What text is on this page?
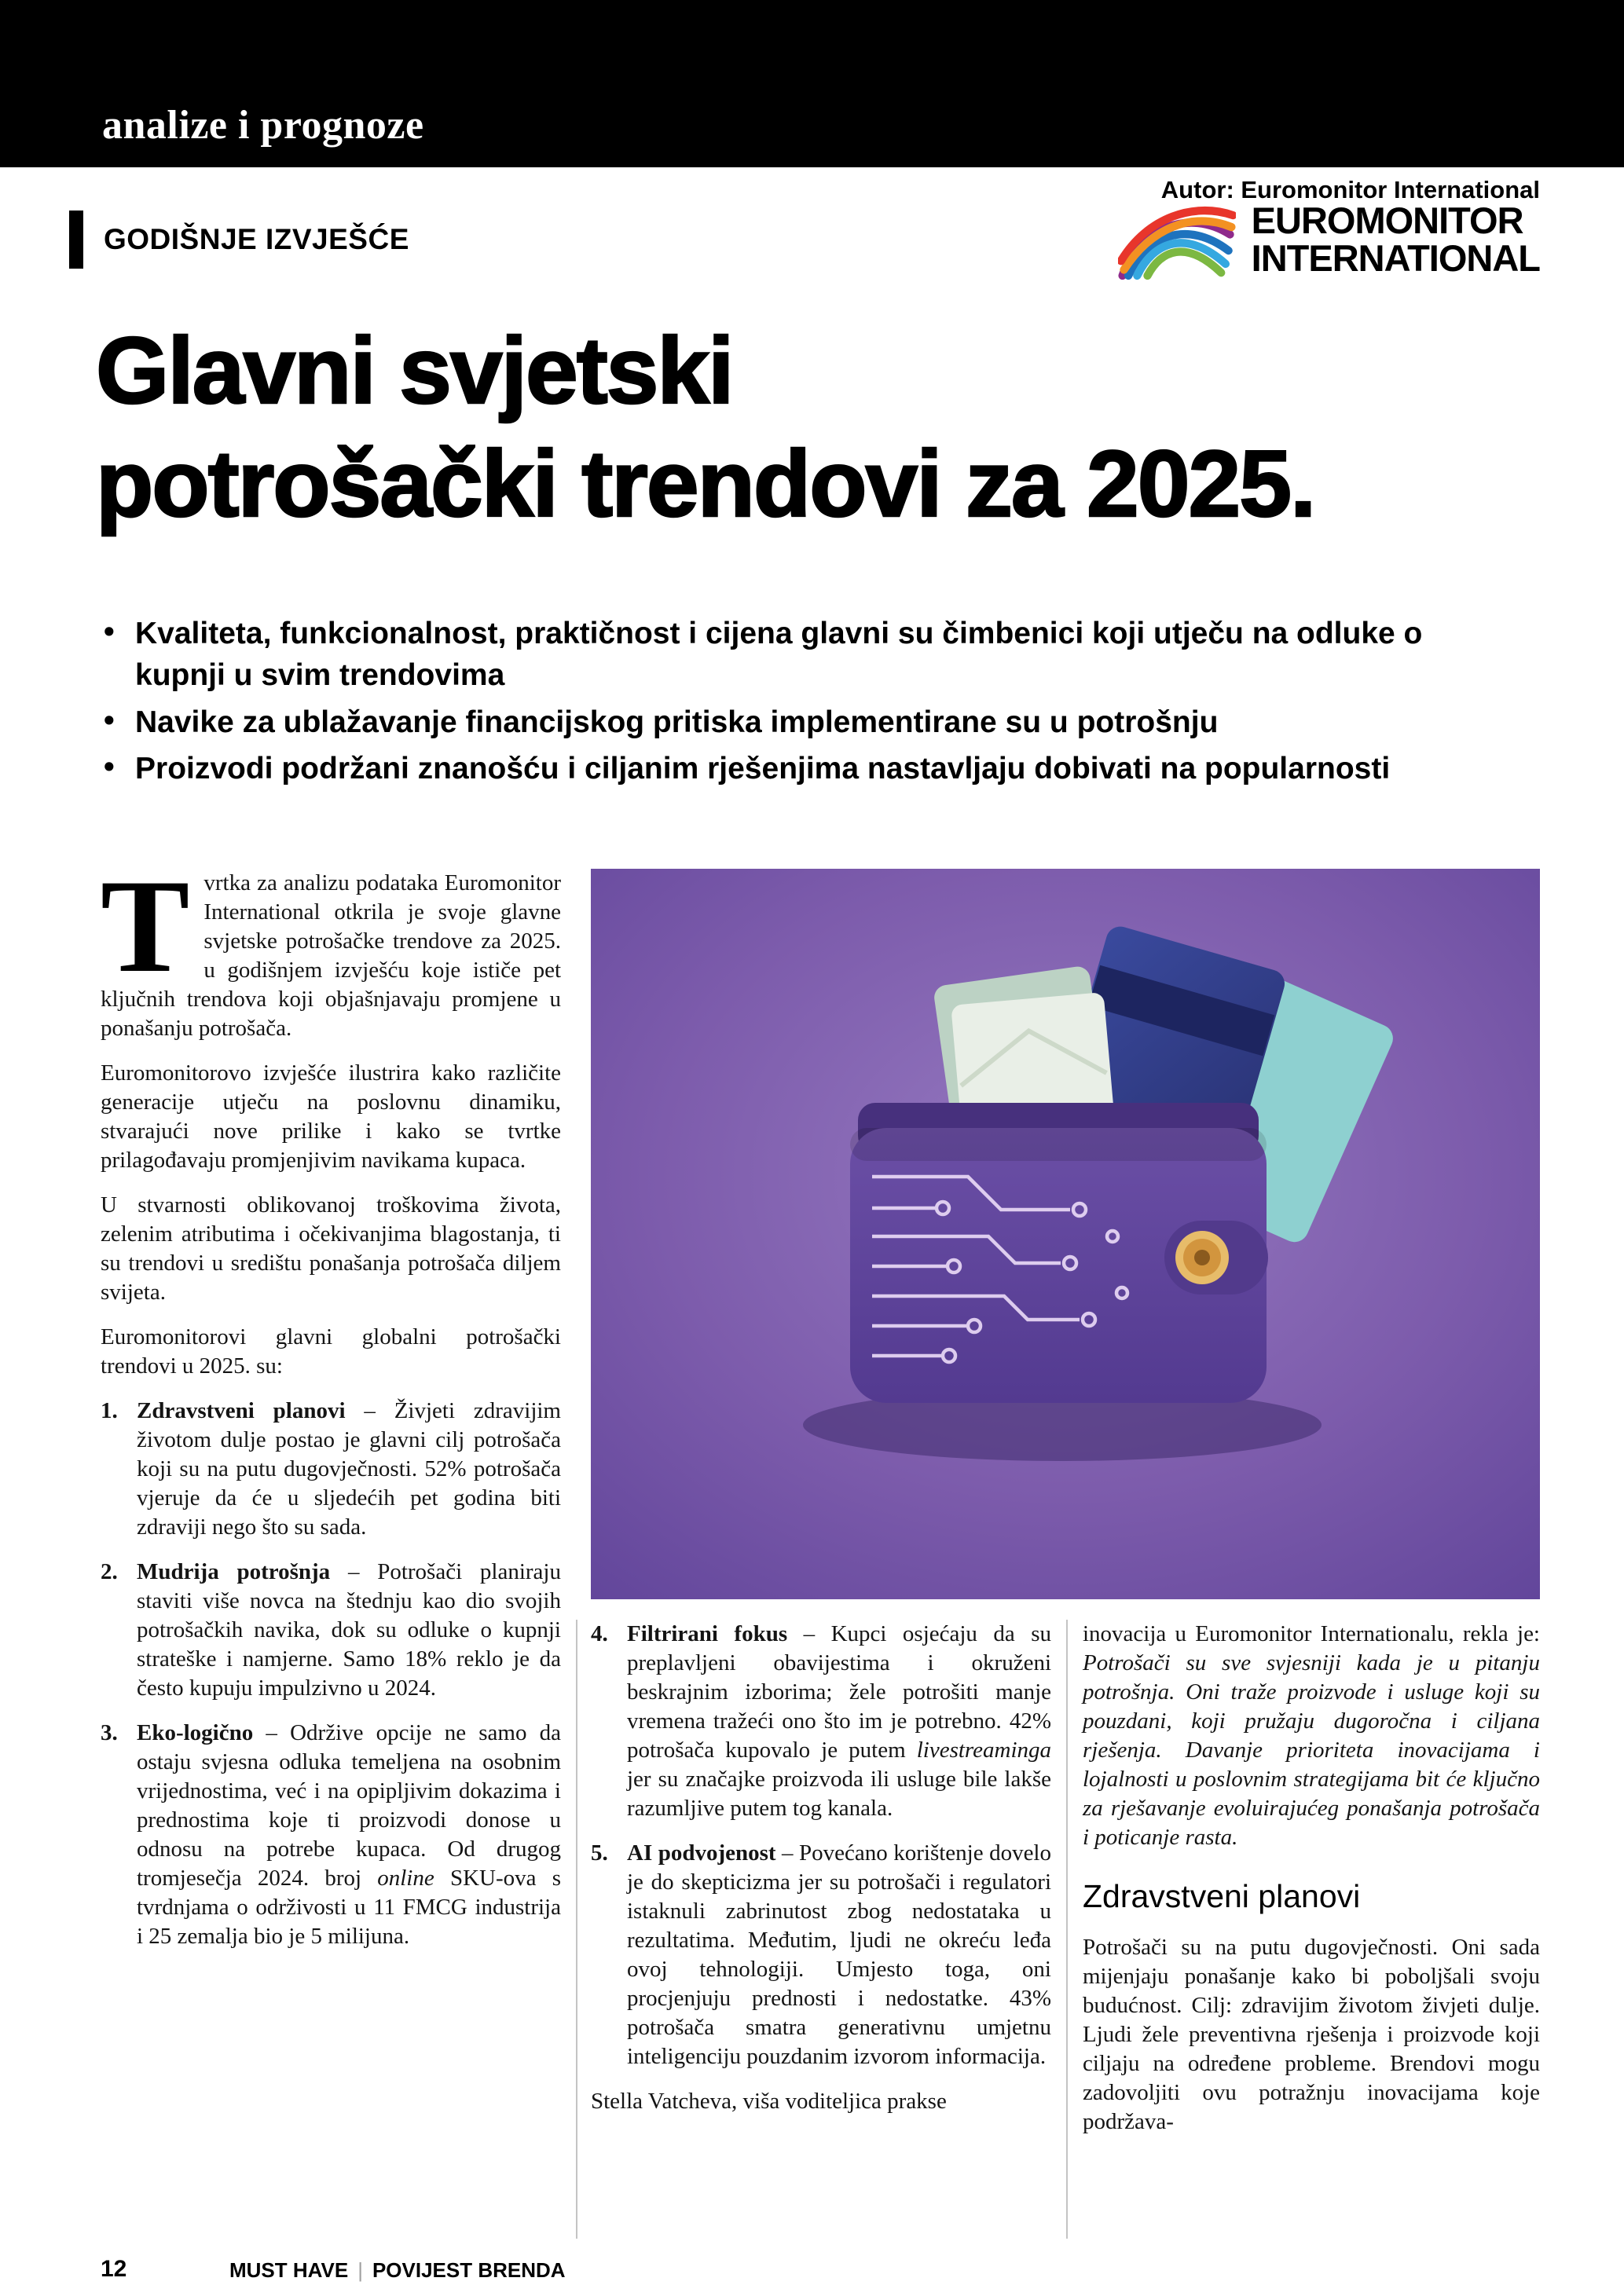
analize i prognoze
Autor: Euromonitor International
GODIŠNJE IZVJEŠĆE	EUROMONITOR
INTERNATIONAL
Glavni svjetski
potrošački trendovi za 2025.
• Kvaliteta, funkcionalnost, praktičnost i cijena glavni su čimbenici koji utječu na odluke o kupnji u svim trendovima
• Navike za ublažavanje financijskog pritiska implementirane su u potrošnju
• Proizvodi podržani znanošću i ciljanim rješenjima nastavljaju dobivati na popularnosti

Tvrtka za analizu podataka Euromonitor International otkrila je svoje glavne svjetske potrošačke trendove za 2025. u godišnjem izvješću koje ističe pet ključnih trendova koji objašnjavaju promjene u ponašanju potrošača.

Euromonitorovo izvješće ilustrira kako različite generacije utječu na poslovnu dinamiku, stvarajući nove prilike i kako se tvrtke prilagođavaju promjenjivim navikama kupaca.

U stvarnosti oblikovanoj troškovima života, zelenim atributima i očekivanjima blagostanja, ti su trendovi u središtu ponašanja potrošača diljem svijeta.

Euromonitorovi glavni globalni potrošački trendovi u 2025. su:

1. Zdravstveni planovi – Živjeti zdravijim životom dulje postao je glavni cilj potrošača koji su na putu dugovječnosti. 52% potrošača vjeruje da će u sljedećih pet godina biti zdraviji nego što su sada.

2. Mudrija potrošnja – Potrošači planiraju staviti više novca na štednju kao dio svojih potrošačkih navika, dok su odluke o kupnji strateške i namjerne. Samo 18% reklo je da često kupuju impulzivno u 2024.

3. Eko-logično – Održive opcije ne samo da ostaju svjesna odluka temeljena na osobnim vrijednostima, već i na opipljivim dokazima i prednostima koje ti proizvodi donose u odnosu na potrebe kupaca. Od drugog tromjesečja 2024. broj online SKU-ova s tvrdnjama o održivosti u 11 FMCG industrija i 25 zemalja bio je 5 milijuna.

4. Filtrirani fokus – Kupci osjećaju da su preplavljeni obavijestima i okruženi beskrajnim izborima; žele potrošiti manje vremena tražeći ono što im je potrebno. 42% potrošača kupovalo je putem livestreaminga jer su značajke proizvoda ili usluge bile lakše razumljive putem tog kanala.

5. AI podvojenost – Povećano korištenje dovelo je do skepticizma jer su potrošači i regulatori istaknuli zabrinutost zbog nedostataka u rezultatima. Međutim, ljudi ne okreću leđa ovoj tehnologiji. Umjesto toga, oni procjenjuju prednosti i nedostatke. 43% potrošača smatra generativnu umjetnu inteligenciju pouzdanim izvorom informacija.

Stella Vatcheva, viša voditeljica prakse

inovacija u Euromonitor Internationalu, rekla je: Potrošači su sve svjesniji kada je u pitanju potrošnja. Oni traže proizvode i usluge koji su pouzdani, koji pružaju dugoročna i ciljana rješenja. Davanje prioriteta inovacijama i lojalnosti u poslovnim strategijama bit će ključno za rješavanje evoluirajućeg ponašanja potrošača i poticanje rasta.

Zdravstveni planovi

Potrošači su na putu dugovječnosti. Oni sada mijenjaju ponašanje kako bi poboljšali svoju budućnost. Cilj: zdravijim životom živjeti dulje. Ljudi žele preventivna rješenja i proizvode koji ciljaju na određene probleme. Brendovi mogu zadovoljiti ovu potražnju inovacijama koje podržava-

12	MUST HAVE | POVIJEST BRENDA
